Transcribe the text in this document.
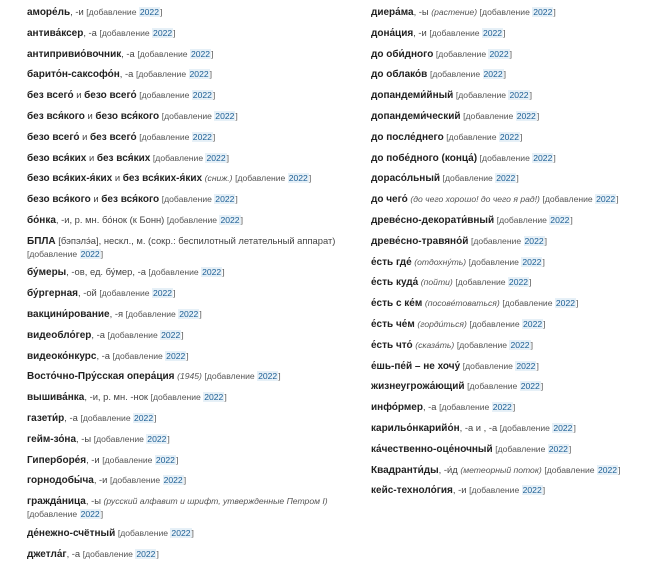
аморе́ль, -и [добавление 2022]
антива́ксер, -а [добавление 2022]
антипривио́вочник, -а [добавление 2022]
барито́н-саксофо́н, -а [добавление 2022]
без всего́ и безо всего́ [добавление 2022]
без вся́кого и безо вся́кого [добавление 2022]
безо всего́ и без всего́ [добавление 2022]
безо вся́ких и без вся́ких [добавление 2022]
безо вся́ких-я́ких и без вся́ких-я́ких (сниж.) [добавление 2022]
безо вся́кого и без вся́кого [добавление 2022]
бо́нка, -и, р. мн. бо́нок (к Бонн) [добавление 2022]
БПЛА [бэпэлэ́а], нескл., м. (сокр.: беспилотный летательный аппарат) [добавление 2022]
бу́меры, -ов, ед. бу́мер, -а [добавление 2022]
бу́ргерная, -ой [добавление 2022]
вакцини́рование, -я [добавление 2022]
видеобло́гер, -а [добавление 2022]
видеоко́нкурс, -а [добавление 2022]
Восто́чно-Пру́сская опера́ция (1945) [добавление 2022]
вышива́нка, -и, р. мн. -нок [добавление 2022]
газети́р, -а [добавление 2022]
гейм-зо́на, -ы [добавление 2022]
Гипербоpе́я, -и [добавление 2022]
горнодобы́ча, -и [добавление 2022]
гражда́ница, -ы (русский алфавит и шрифт, утвержденные Петром I) [добавление 2022]
де́нежно-счётный [добавление 2022]
джетла́г, -а [добавление 2022]
диера́ма, -ы (растение) [добавление 2022]
дона́ция, -и [добавление 2022]
до оби́дного [добавление 2022]
до облако́в [добавление 2022]
допандеми́йный [добавление 2022]
допандеми́ческий [добавление 2022]
до после́днего [добавление 2022]
до побе́дного (конца́) [добавление 2022]
дорасо́льный [добавление 2022]
до чего́ (до чего хорошо! до чего я рад!) [добавление 2022]
древе́сно-декорати́вный [добавление 2022]
древе́сно-травяно́й [добавление 2022]
е́сть где́ (отдохну́ть) [добавление 2022]
е́сть куда́ (пойти) [добавление 2022]
е́сть с ке́м (посове́товаться) [добавление 2022]
е́сть че́м (горди́ться) [добавление 2022]
е́сть что́ (сказа́ть) [добавление 2022]
е́шь-пе́й – не хочу́ [добавление 2022]
жизнеугрожа́ющий [добавление 2022]
инфо́рмер, -а [добавление 2022]
карильо́нкарийо́н, -а и , -а [добавление 2022]
ка́чественно-оце́ночный [добавление 2022]
Квадранти́ды, -и́д (метеорный поток) [добавление 2022]
кейс-техноло́гия, -и [добавление 2022]
